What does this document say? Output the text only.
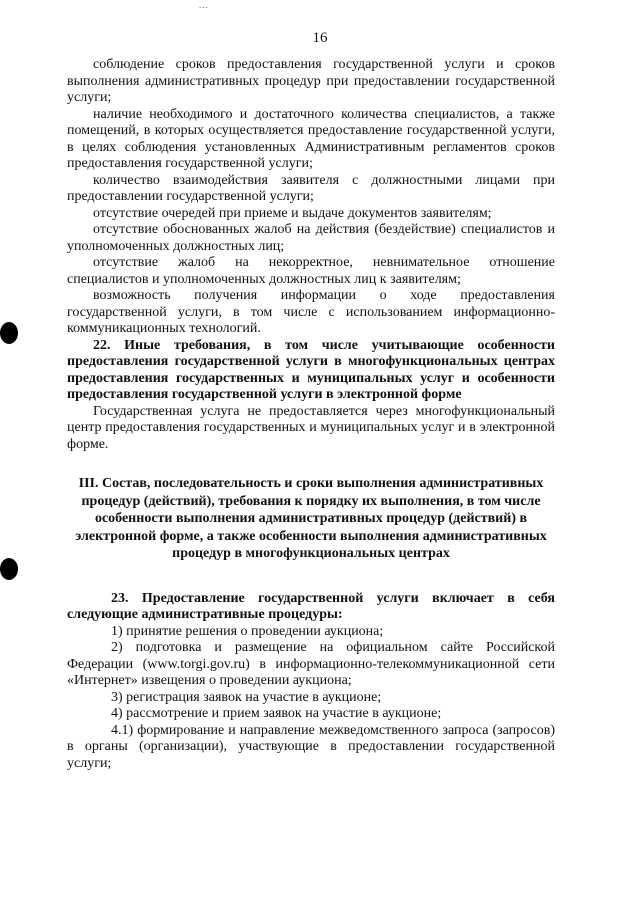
...
16

соблюдение сроков предоставления государственной услуги и сроков выполнения административных процедур при предоставлении государственной услуги;

наличие необходимого и достаточного количества специалистов, а также помещений, в которых осуществляется предоставление государственной услуги, в целях соблюдения установленных Административным регламентов сроков предоставления государственной услуги;

количество взаимодействия заявителя с должностными лицами при предоставлении государственной услуги;

отсутствие очередей при приеме и выдаче документов заявителям;

отсутствие обоснованных жалоб на действия (бездействие) специалистов и уполномоченных должностных лиц;

отсутствие жалоб на некорректное, невнимательное отношение специалистов и уполномоченных должностных лиц к заявителям;

возможность получения информации о ходе предоставления государственной услуги, в том числе с использованием информационно-коммуникационных технологий.

22. Иные требования, в том числе учитывающие особенности предоставления государственной услуги в многофункциональных центрах предоставления государственных и муниципальных услуг и особенности предоставления государственной услуги в электронной форме

Государственная услуга не предоставляется через многофункциональный центр предоставления государственных и муниципальных услуг и в электронной форме.

III. Состав, последовательность и сроки выполнения административных процедур (действий), требования к порядку их выполнения, в том числе особенности выполнения административных процедур (действий) в электронной форме, а также особенности выполнения административных процедур в многофункциональных центрах

23. Предоставление государственной услуги включает в себя следующие административные процедуры:

1) принятие решения о проведении аукциона;

2) подготовка и размещение на официальном сайте Российской Федерации (www.torgi.gov.ru) в информационно-телекоммуникационной сети «Интернет» извещения о проведении аукциона;

3) регистрация заявок на участие в аукционе;

4) рассмотрение и прием заявок на участие в аукционе;

4.1) формирование и направление межведомственного запроса (запросов) в органы (организации), участвующие в предоставлении государственной услуги;
